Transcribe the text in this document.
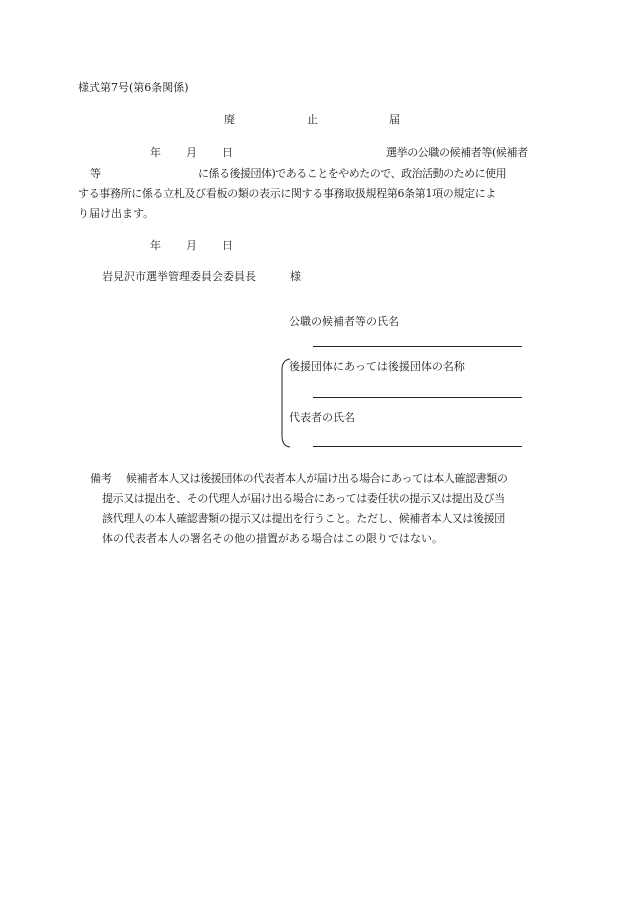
様式第7号(第6条関係)
廃	止	届
年 月 日	選挙の公職の候補者等(候補者
等	に係る後援団体)であることをやめたので、政治活動のために使用
する事務所に係る立札及び看板の類の表示に関する事務取扱規程第6条第1項の規定によ
り届け出ます。
年 月 日
岩見沢市選挙管理委員会委員長	様
公職の候補者等の氏名
後援団体にあっては後援団体の名称
代表者の氏名
備考 候補者本人又は後援団体の代表者本人が届け出る場合にあっては本人確認書類の
提示又は提出を、その代理人が届け出る場合にあっては委任状の提示又は提出及び当
該代理人の本人確認書類の提示又は提出を行うこと。ただし、候補者本人又は後援団
体の代表者本人の署名その他の措置がある場合はこの限りではない。
